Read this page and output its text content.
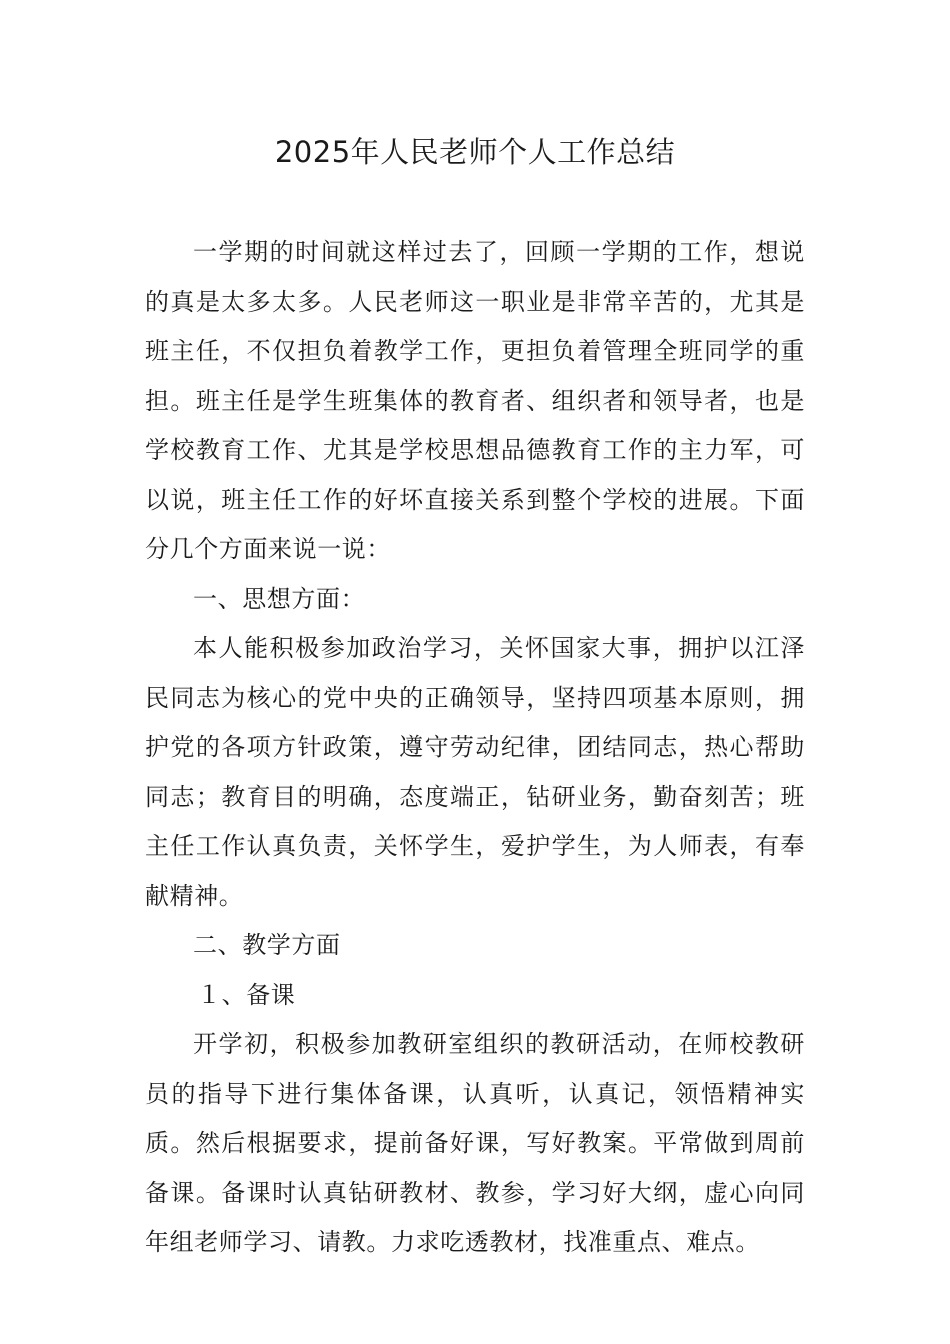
2025年人民老师个人工作总结

一学期的时间就这样过去了，回顾一学期的工作，想说的真是太多太多。人民老师这一职业是非常辛苦的，尤其是班主任，不仅担负着教学工作，更担负着管理全班同学的重担。班主任是学生班集体的教育者、组织者和领导者，也是学校教育工作、尤其是学校思想品德教育工作的主力军，可以说，班主任工作的好坏直接关系到整个学校的进展。下面分几个方面来说一说：

一、思想方面：

本人能积极参加政治学习，关怀国家大事，拥护以江泽民同志为核心的党中央的正确领导，坚持四项基本原则，拥护党的各项方针政策，遵守劳动纪律，团结同志，热心帮助同志；教育目的明确，态度端正，钻研业务，勤奋刻苦；班主任工作认真负责，关怀学生，爱护学生，为人师表，有奉献精神。

二、教学方面

１、备课

开学初，积极参加教研室组织的教研活动，在师校教研员的指导下进行集体备课，认真听，认真记，领悟精神实质。然后根据要求，提前备好课，写好教案。平常做到周前备课。备课时认真钻研教材、教参，学习好大纲，虚心向同年组老师学习、请教。力求吃透教材，找准重点、难点。
